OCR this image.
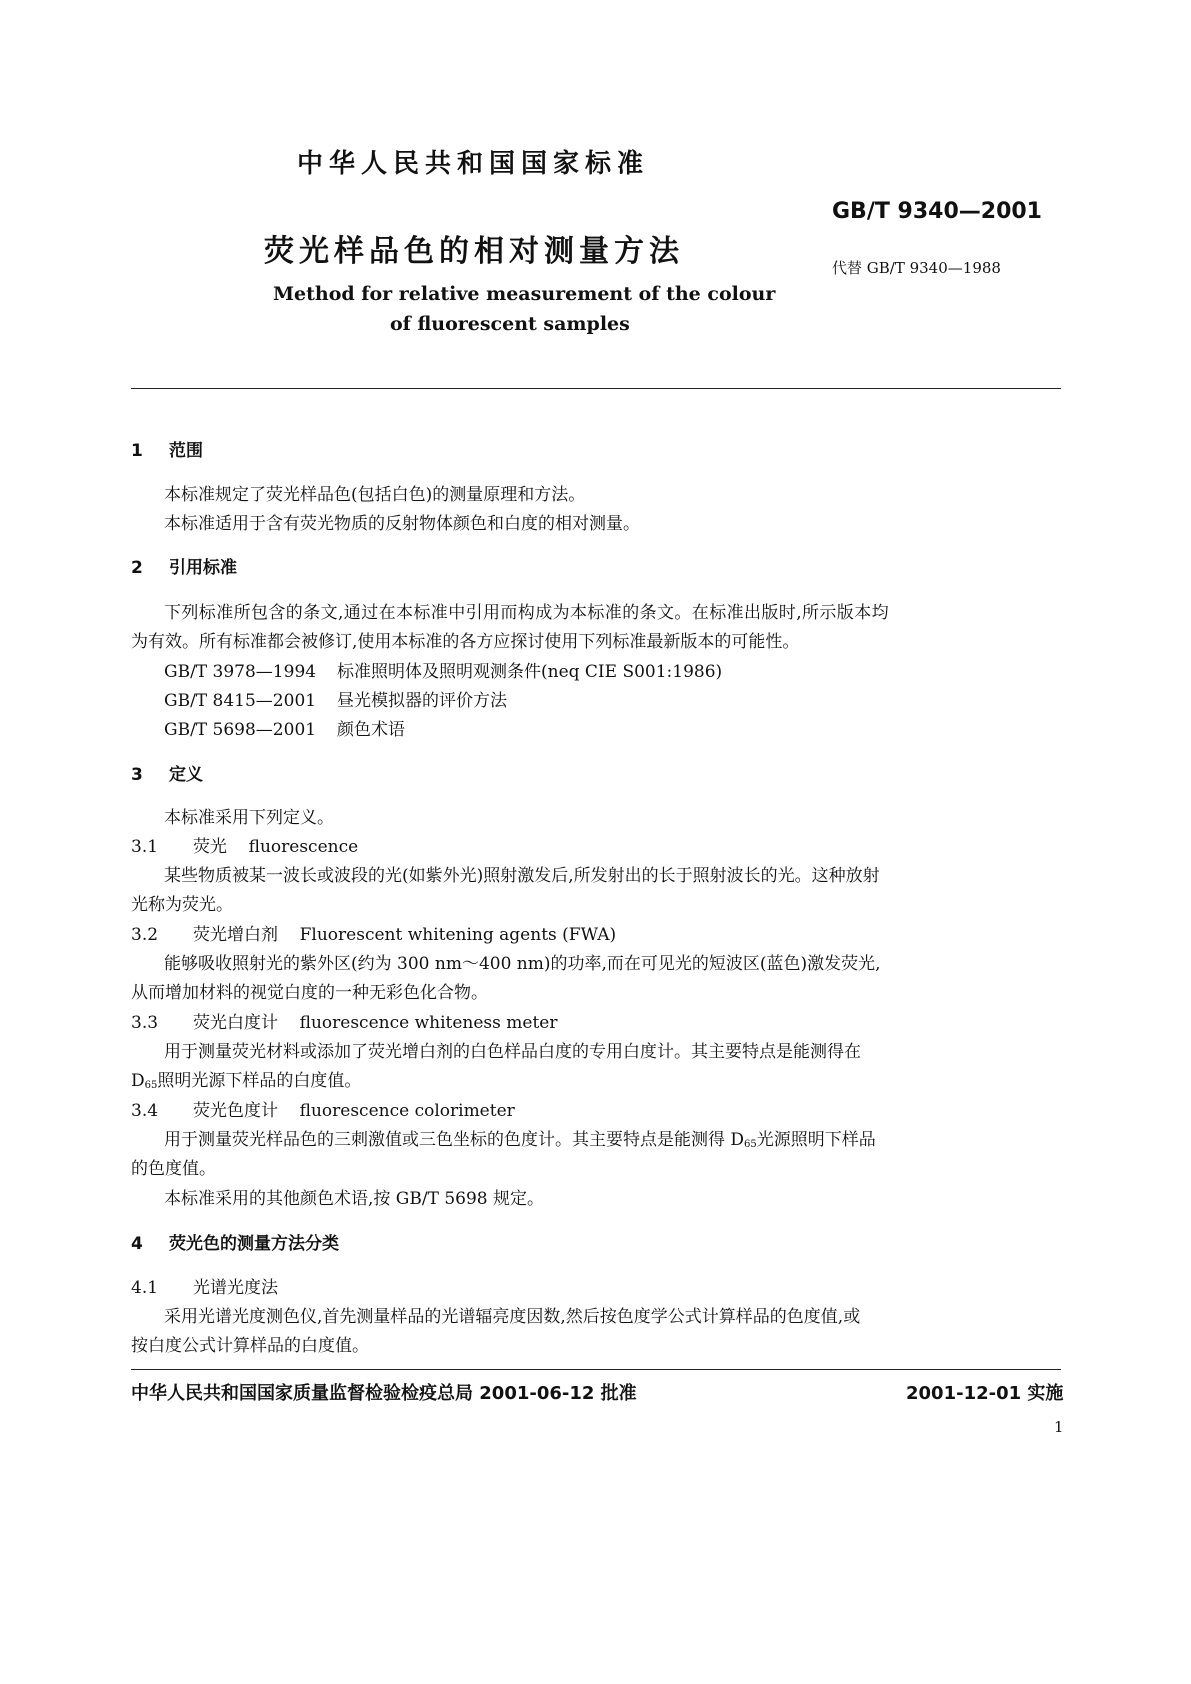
中华人民共和国国家标准
GB/T 9340—2001
荧光样品色的相对测量方法	代替 GB/T 9340—1988
Method for relative measurement of the colour
of fluorescent samples
1 范围
本标准规定了荧光样品色(包括白色)的测量原理和方法。
本标准适用于含有荧光物质的反射物体颜色和白度的相对测量。
2 引用标准
下列标准所包含的条文,通过在本标准中引用而构成为本标准的条文。在标准出版时,所示版本均
为有效。所有标准都会被修订,使用本标准的各方应探讨使用下列标准最新版本的可能性。
GB/T 3978—1994 标准照明体及照明观测条件(neq CIE S001:1986)
GB/T 8415—2001 昼光模拟器的评价方法
GB/T 5698—2001 颜色术语
3 定义
本标准采用下列定义。
3.1 荧光 fluorescence
某些物质被某一波长或波段的光(如紫外光)照射激发后,所发射出的长于照射波长的光。这种放射
光称为荧光。
3.2 荧光增白剂 Fluorescent whitening agents (FWA)
能够吸收照射光的紫外区(约为 300 nm～400 nm)的功率,而在可见光的短波区(蓝色)激发荧光,
从而增加材料的视觉白度的一种无彩色化合物。
3.3 荧光白度计 fluorescence whiteness meter
用于测量荧光材料或添加了荧光增白剂的白色样品白度的专用白度计。其主要特点是能测得在
$D_{65}$照明光源下样品的白度值。
3.4 荧光色度计 fluorescence colorimeter
用于测量荧光样品色的三刺激值或三色坐标的色度计。其主要特点是能测得 $D_{65}$光源照明下样品
的色度值。
本标准采用的其他颜色术语,按 GB/T 5698 规定。
4 荧光色的测量方法分类
4.1 光谱光度法
采用光谱光度测色仪,首先测量样品的光谱辐亮度因数,然后按色度学公式计算样品的色度值,或
按白度公式计算样品的白度值。
中华人民共和国国家质量监督检验检疫总局 2001-06-12 批准	2001-12-01 实施
1
